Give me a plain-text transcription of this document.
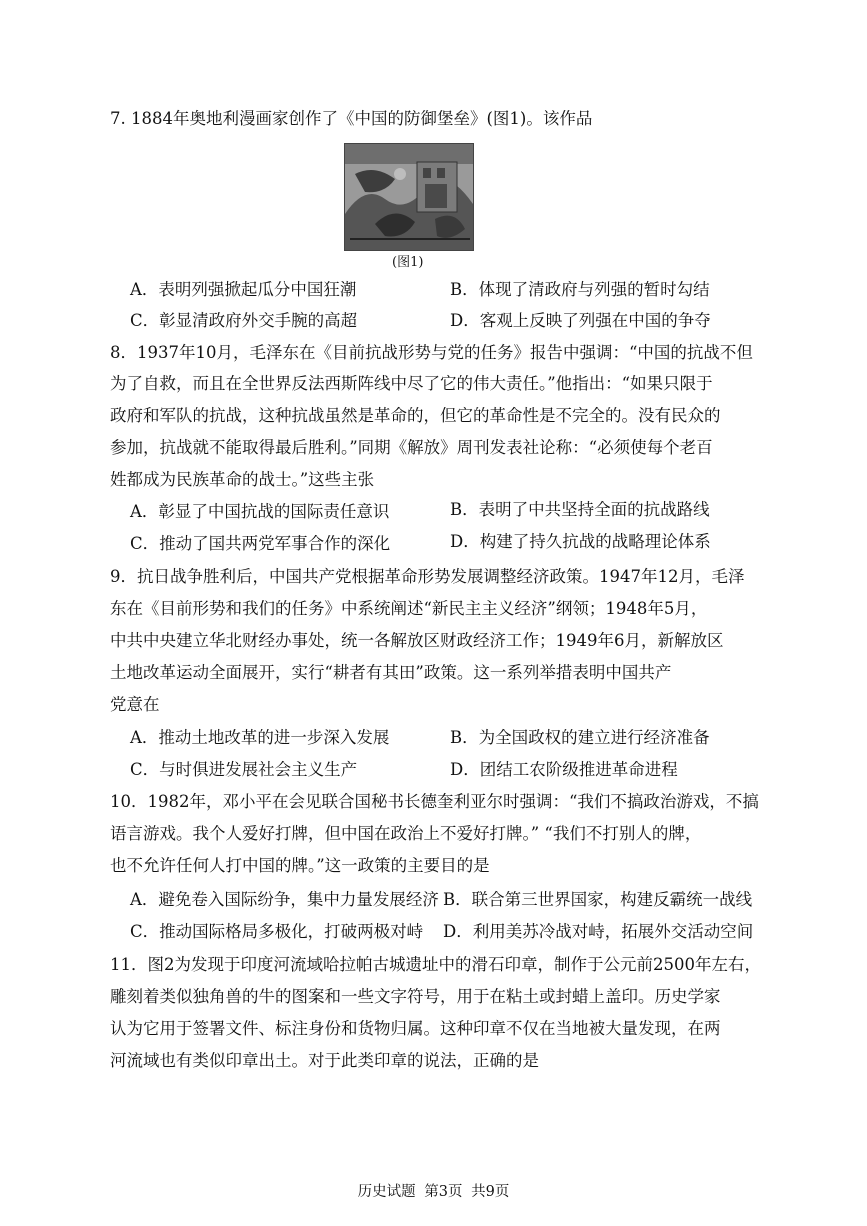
7. 1884年奥地利漫画家创作了《中国的防御堡垒》(图1)。该作品
(图1)
A．表明列强掀起瓜分中国狂潮	B．体现了清政府与列强的暂时勾结
C．彰显清政府外交手腕的高超	D．客观上反映了列强在中国的争夺
8．1937年10月，毛泽东在《目前抗战形势与党的任务》报告中强调：“中国的抗战不但
为了自救，而且在全世界反法西斯阵线中尽了它的伟大责任。”他指出：“如果只限于
政府和军队的抗战，这种抗战虽然是革命的，但它的革命性是不完全的。没有民众的
参加，抗战就不能取得最后胜利。”同期《解放》周刊发表社论称：“必须使每个老百
姓都成为民族革命的战士。”这些主张
A．彰显了中国抗战的国际责任意识	B．表明了中共坚持全面的抗战路线
C．推动了国共两党军事合作的深化	D．构建了持久抗战的战略理论体系
9．抗日战争胜利后，中国共产党根据革命形势发展调整经济政策。1947年12月，毛泽
东在《目前形势和我们的任务》中系统阐述“新民主主义经济”纲领；1948年5月，
中共中央建立华北财经办事处，统一各解放区财政经济工作；1949年6月，新解放区
土地改革运动全面展开，实行“耕者有其田”政策。这一系列举措表明中国共产
党意在
A．推动土地改革的进一步深入发展	B．为全国政权的建立进行经济准备
C．与时俱进发展社会主义生产	D．团结工农阶级推进革命进程
10．1982年，邓小平在会见联合国秘书长德奎利亚尔时强调：“我们不搞政治游戏，不搞
语言游戏。我个人爱好打牌，但中国在政治上不爱好打牌。” “我们不打别人的牌，
也不允许任何人打中国的牌。”这一政策的主要目的是
A．避免卷入国际纷争，集中力量发展经济 B．联合第三世界国家，构建反霸统一战线
C．推动国际格局多极化，打破两极对峙 D．利用美苏冷战对峙，拓展外交活动空间
11．图2为发现于印度河流域哈拉帕古城遗址中的滑石印章，制作于公元前2500年左右，
雕刻着类似独角兽的牛的图案和一些文字符号，用于在粘土或封蜡上盖印。历史学家
认为它用于签署文件、标注身份和货物归属。这种印章不仅在当地被大量发现，在两
河流域也有类似印章出土。对于此类印章的说法，正确的是
历史试题 第3页 共9页
